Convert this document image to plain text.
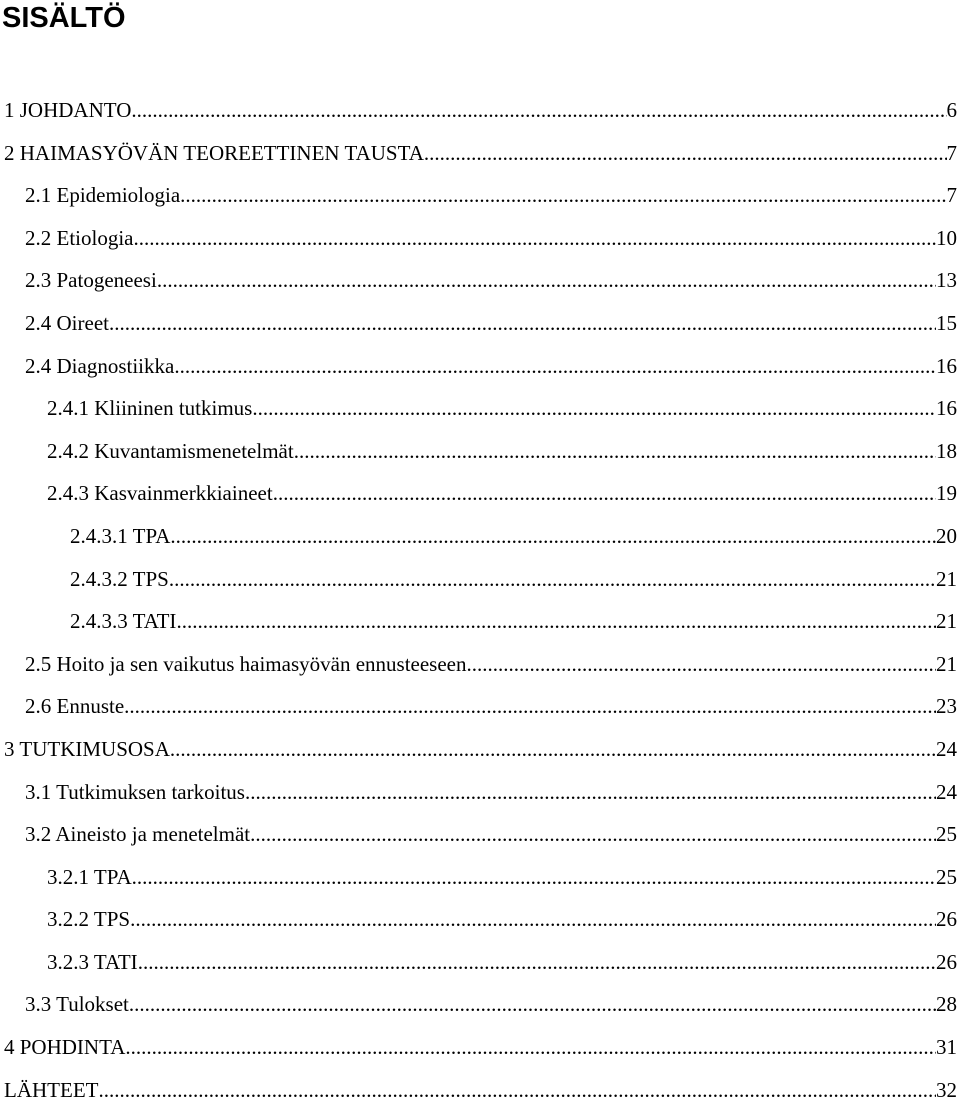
SISÄLTÖ
1 JOHDANTO .....	6
2 HAIMASYÖVÄN TEOREETTINEN TAUSTA .....	7
2.1 Epidemiologia .....	7
2.2 Etiologia .....	10
2.3 Patogeneesi .....	13
2.4 Oireet .....	15
2.4 Diagnostiikka .....	16
2.4.1 Kliininen tutkimus .....	16
2.4.2 Kuvantamismenetelmät .....	18
2.4.3 Kasvainmerkkiaineet .....	19
2.4.3.1 TPA .....	20
2.4.3.2 TPS .....	21
2.4.3.3 TATI .....	21
2.5 Hoito ja sen vaikutus haimasyövän ennusteeseen .....	21
2.6 Ennuste .....	23
3 TUTKIMUSOSA .....	24
3.1 Tutkimuksen tarkoitus .....	24
3.2 Aineisto ja menetelmät .....	25
3.2.1 TPA .....	25
3.2.2 TPS .....	26
3.2.3 TATI .....	26
3.3 Tulokset .....	28
4 POHDINTA .....	31
LÄHTEET .....	32
